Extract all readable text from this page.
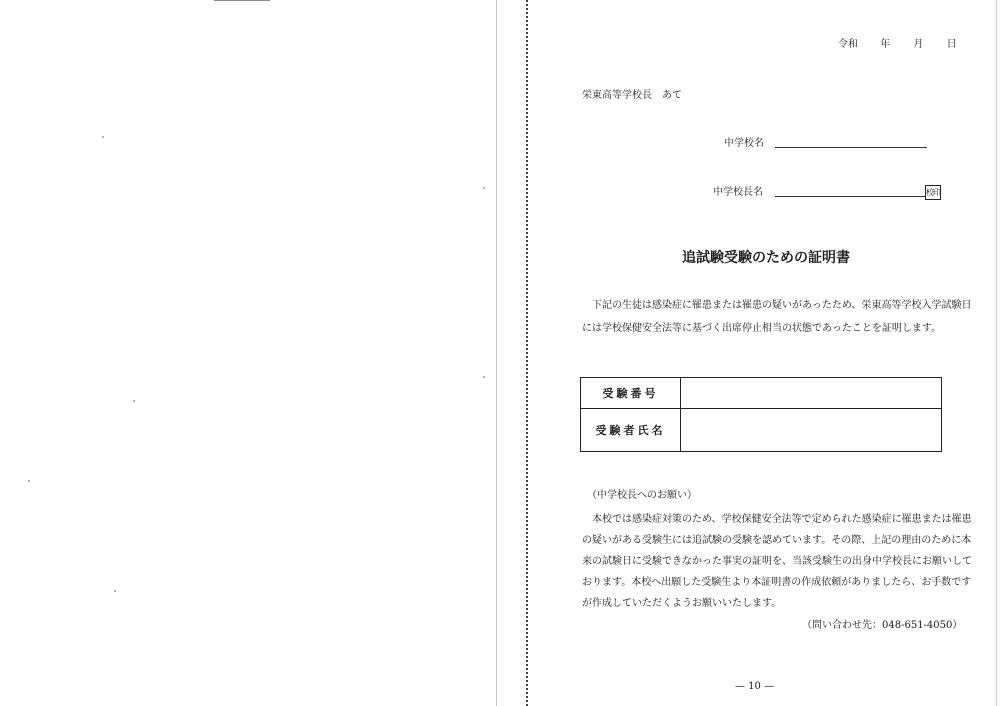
令和 年 月 日
栄東高等学校長　あて
中学校名
中学校長名	校印
追試験受験のための証明書
　下記の生徒は感染症に罹患または罹患の疑いがあったため、栄東高等学校入学試験日
には学校保健安全法等に基づく出席停止相当の状態であったことを証明します。
受験番号	
受験者氏名	
（中学校長へのお願い）
　本校では感染症対策のため、学校保健安全法等で定められた感染症に罹患または罹患
の疑いがある受験生には追試験の受験を認めています。その際、上記の理由のために本
来の試験日に受験できなかった事実の証明を、当該受験生の出身中学校長にお願いして
おります。本校へ出願した受験生より本証明書の作成依頼がありましたら、お手数です
が作成していただくようお願いいたします。
（問い合わせ先：048-651-4050）
— 10 —
